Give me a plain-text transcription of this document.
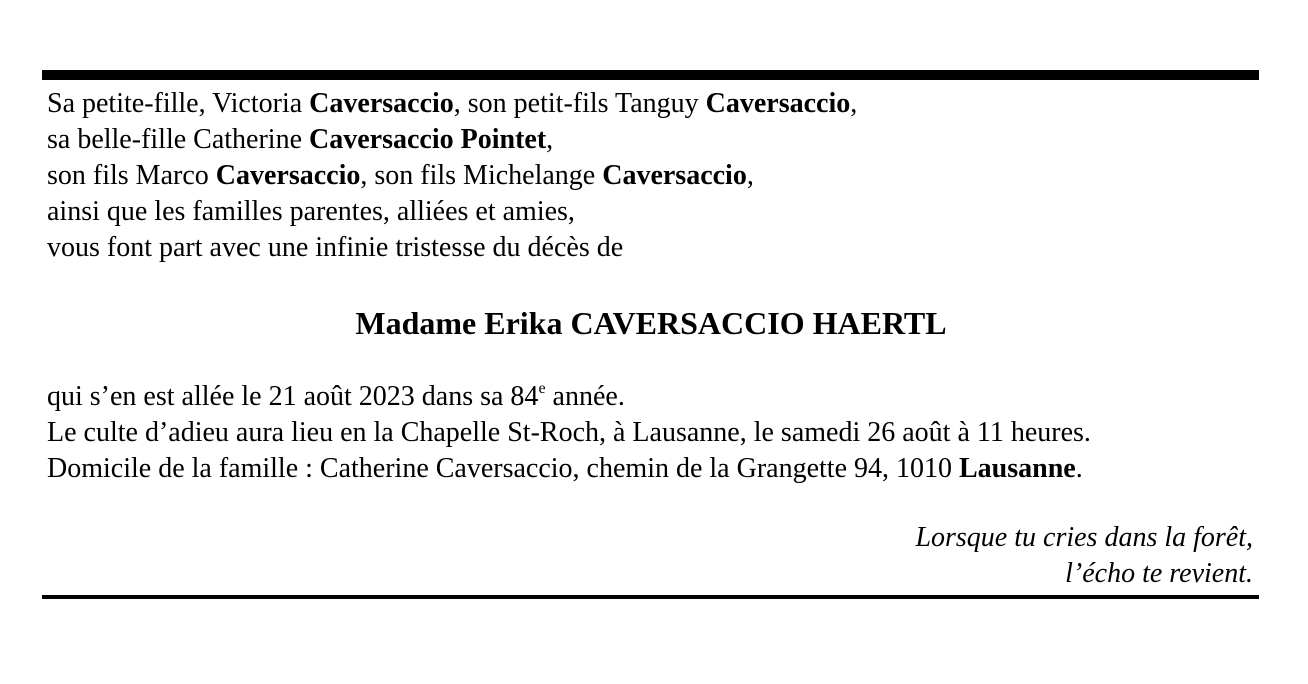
Sa petite-fille, Victoria Caversaccio, son petit-fils Tanguy Caversaccio,
sa belle-fille Catherine Caversaccio Pointet,
son fils Marco Caversaccio, son fils Michelange Caversaccio,
ainsi que les familles parentes, alliées et amies,
vous font part avec une infinie tristesse du décès de
Madame Erika CAVERSACCIO HAERTL
qui s’en est allée le 21 août 2023 dans sa 84e année.
Le culte d’adieu aura lieu en la Chapelle St-Roch, à Lausanne, le samedi 26 août à 11 heures.
Domicile de la famille : Catherine Caversaccio, chemin de la Grangette 94, 1010 Lausanne.
Lorsque tu cries dans la forêt,
l’écho te revient.
